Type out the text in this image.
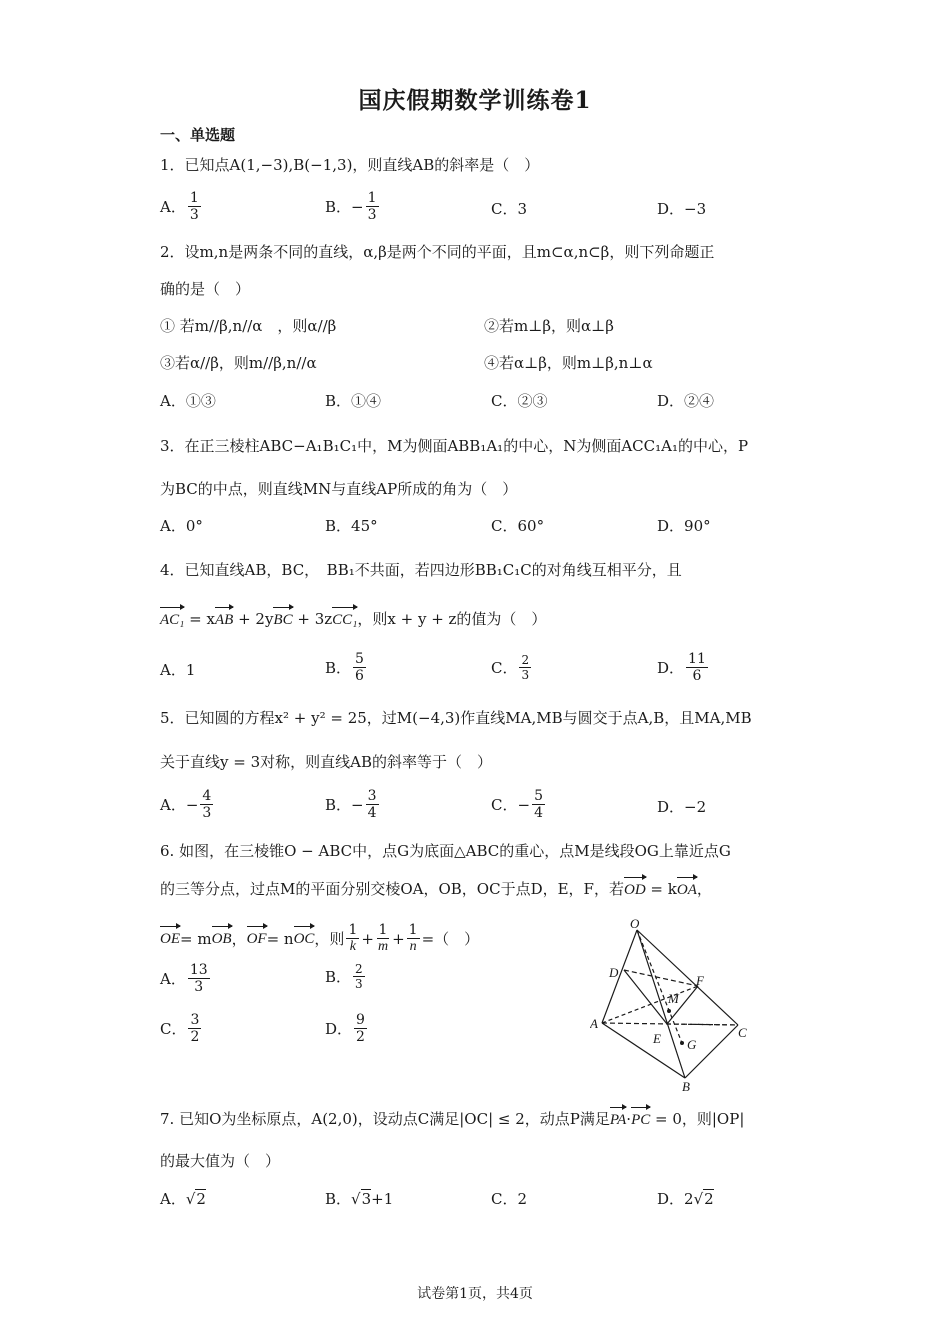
国庆假期数学训练卷1
一、单选题
1．已知点A(1,−3),B(−1,3)，则直线AB的斜率是（　）
A． $\frac{1}{3}$	B． − $\frac{1}{3}$	C． 3	D． −3
2．设m,n是两条不同的直线，α,β是两个不同的平面，且m⊂α,n⊂β，则下列命题正
确的是（　）
① 若m//β,n//α　，则α//β	②若m⊥β，则α⊥β
③若α//β，则m//β,n//α	④若α⊥β，则m⊥β,n⊥α
A．①③	B．①④	C．②③	D．②④
3．在正三棱柱ABC−A₁B₁C₁中，M为侧面ABB₁A₁的中心，N为侧面ACC₁A₁的中心，P
为BC的中点，则直线MN与直线AP所成的角为（　）
A．0°	B．45°	C．60°	D．90°
4．已知直线AB，BC，　BB₁不共面，若四边形BB₁C₁C的对角线互相平分，且
AC₁ = xAB + 2yBC + 3zCC₁，则x + y + z的值为（　）
A． 1	B． $\frac{5}{6}$	C． $\frac{2}{3}$	D． $\frac{11}{6}$
5．已知圆的方程x² + y² = 25，过M(−4,3)作直线MA,MB与圆交于点A,B，且MA,MB
关于直线y = 3对称，则直线AB的斜率等于（　）
A． − $\frac{4}{3}$	B． − $\frac{3}{4}$	C． − $\frac{5}{4}$	D． −2
6. 如图，在三棱锥O − ABC中，点G为底面△ABC的重心，点M是线段OG上靠近点G
的三等分点，过点M的平面分别交棱OA，OB，OC于点D，E，F，若OD = kOA，
OE = m OB ， OF = n OC ，则 $\frac{1}{k} + \frac{1}{m} + \frac{1}{n}$ =（　）
A． $\frac{13}{3}$	B． $\frac{2}{3}$
C． $\frac{3}{2}$	D． $\frac{9}{2}$
O
D
F
M
A
E	C
G
B
7. 已知O为坐标原点，A(2,0)，设动点C满足|OC| ≤ 2，动点P满足PA·PC = 0，则|OP|
的最大值为（　）
A．√2	B．√3+1	C．2	D．2√2
试卷第1页，共4页
